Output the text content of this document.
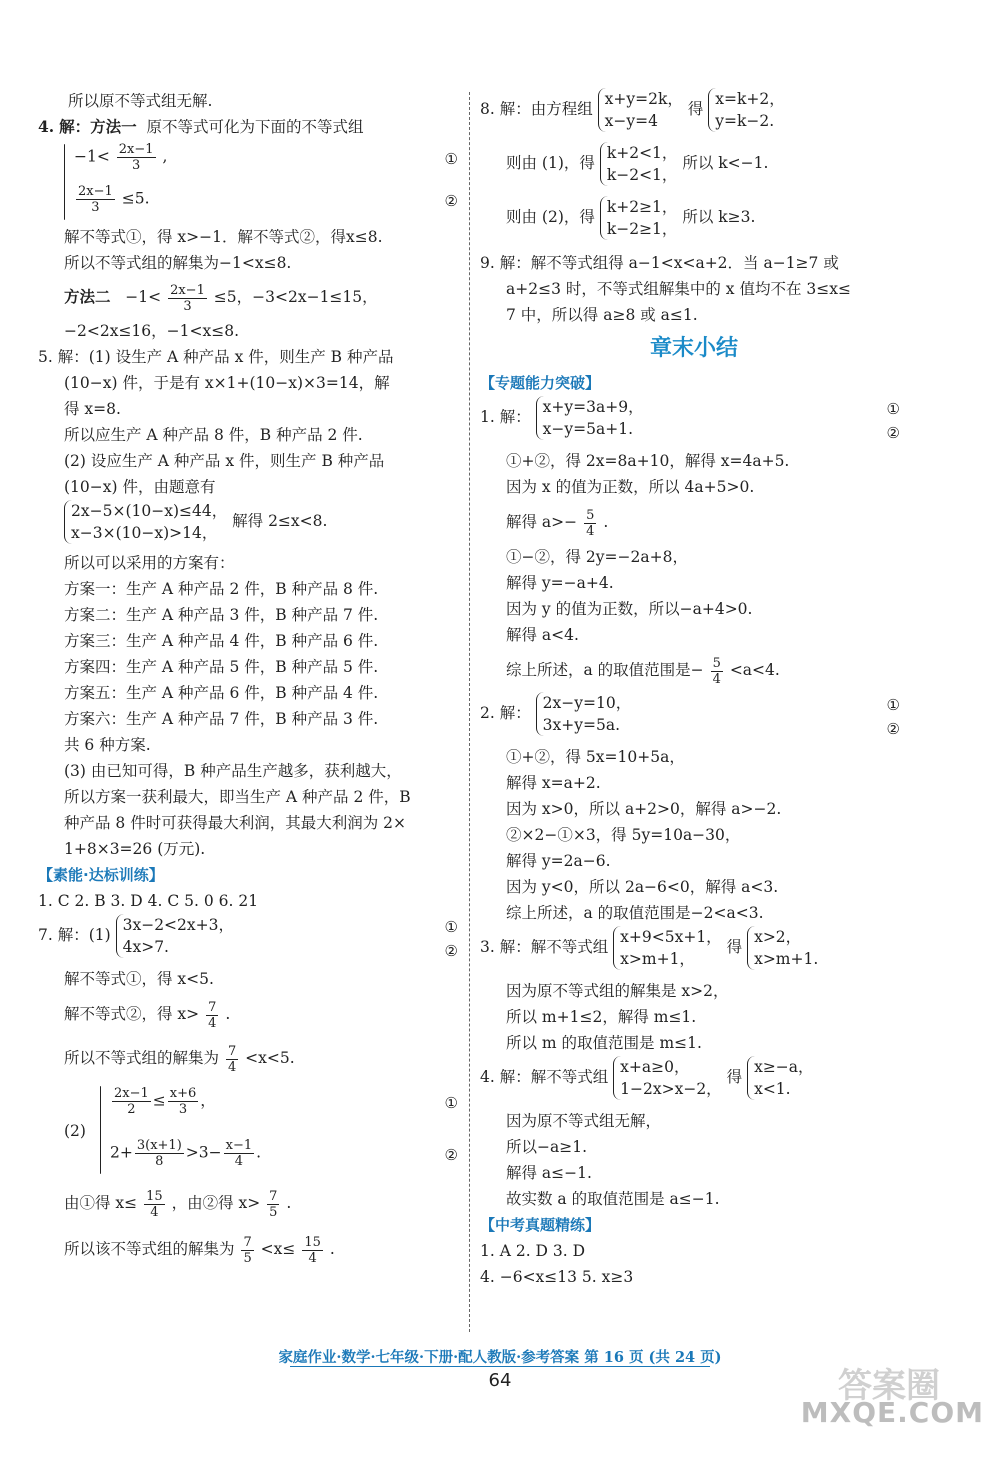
所以原不等式组无解.
4. 解：方法一 原不等式可化为下面的不等式组
$-1< \frac{2x-1}{3}$ ,	①
$\frac{2x-1}{3} \le 5$.	②
解不等式①，得 x>−1．解不等式②，得x≤8.
所以不等式组的解集为−1<x≤8.
方法二 $-1< \frac{2x-1}{3} \le 5$，−3<2x−1≤15，
−2<2x≤16，−1<x≤8.
5. 解：(1) 设生产 A 种产品 x 件，则生产 B 种产品
(10−x) 件，于是有 x×1+(10−x)×3=14，解
得 x=8.
所以应生产 A 种产品 8 件，B 种产品 2 件.
(2) 设应生产 A 种产品 x 件，则生产 B 种产品
(10−x) 件，由题意有
2x−5×(10−x)≤44，
x−3×(10−x)>14，
解得 2≤x<8.
所以可以采用的方案有：
方案一：生产 A 种产品 2 件，B 种产品 8 件.
方案二：生产 A 种产品 3 件，B 种产品 7 件.
方案三：生产 A 种产品 4 件，B 种产品 6 件.
方案四：生产 A 种产品 5 件，B 种产品 5 件.
方案五：生产 A 种产品 6 件，B 种产品 4 件.
方案六：生产 A 种产品 7 件，B 种产品 3 件.
共 6 种方案.
(3) 由已知可得，B 种产品生产越多，获利越大，
所以方案一获利最大，即当生产 A 种产品 2 件，B
种产品 8 件时可获得最大利润，其最大利润为 2×
1+8×3=26 (万元).
【素能·达标训练】
1. C 2. B 3. D 4. C 5. 0 6. 21
7. 解：(1)
3x−2<2x+3，
4x>7.
①
②
解不等式①，得 x<5.
解不等式②，得 $x> \frac{7}{4}$ .
所以不等式组的解集为 $\frac{7}{4} <x<5$.
(2)
$\frac{2x-1}{2} \le \frac{x+6}{3}$ ，	①
$2+ \frac{3(x+1)}{8} >3- \frac{x-1}{4}$ .	②
由①得 $x\le \frac{15}{4}$ ，由②得 $x> \frac{7}{5}$ .
所以该不等式组的解集为 $\frac{7}{5} <x\le \frac{15}{4}$ .
8. 解：由方程组
x+y=2k，
x−y=4
得
x=k+2，
y=k−2.
则由 (1)，得
k+2<1，
k−2<1，
所以 k<−1.
则由 (2)，得
k+2≥1，
k−2≥1，
所以 k≥3.
9. 解：解不等式组得 a−1<x<a+2．当 a−1≥7 或
a+2≤3 时，不等式组解集中的 x 值均不在 3≤x≤
7 中，所以得 a≥8 或 a≤1.
章末小结
【专题能力突破】
1. 解：
x+y=3a+9，
x−y=5a+1.
①
②
①+②，得 2x=8a+10，解得 x=4a+5.
因为 x 的值为正数，所以 4a+5>0.
解得 $a>- \frac{5}{4}$ .
①−②，得 2y=−2a+8，
解得 y=−a+4.
因为 y 的值为正数，所以−a+4>0.
解得 a<4.
综上所述，a 的取值范围是− $\frac{5}{4} <a<4$.
2. 解：
2x−y=10，
3x+y=5a.
①
②
①+②，得 5x=10+5a，
解得 x=a+2.
因为 x>0，所以 a+2>0，解得 a>−2.
②×2−①×3，得 5y=10a−30，
解得 y=2a−6.
因为 y<0，所以 2a−6<0，解得 a<3.
综上所述，a 的取值范围是−2<a<3.
3. 解：解不等式组
x+9<5x+1，
x>m+1，
得
x>2，
x>m+1.
因为原不等式组的解集是 x>2，
所以 m+1≤2，解得 m≤1.
所以 m 的取值范围是 m≤1.
4. 解：解不等式组
x+a≥0，
1−2x>x−2，
得
x≥−a，
x<1.
因为原不等式组无解，
所以−a≥1.
解得 a≤−1.
故实数 a 的取值范围是 a≤−1.
【中考真题精练】
1. A 2. D 3. D
4. −6<x≤13 5. x≥3
家庭作业·数学·七年级·下册·配人教版·参考答案 第 16 页 (共 24 页)
64	答案圈
MXQE.COM
